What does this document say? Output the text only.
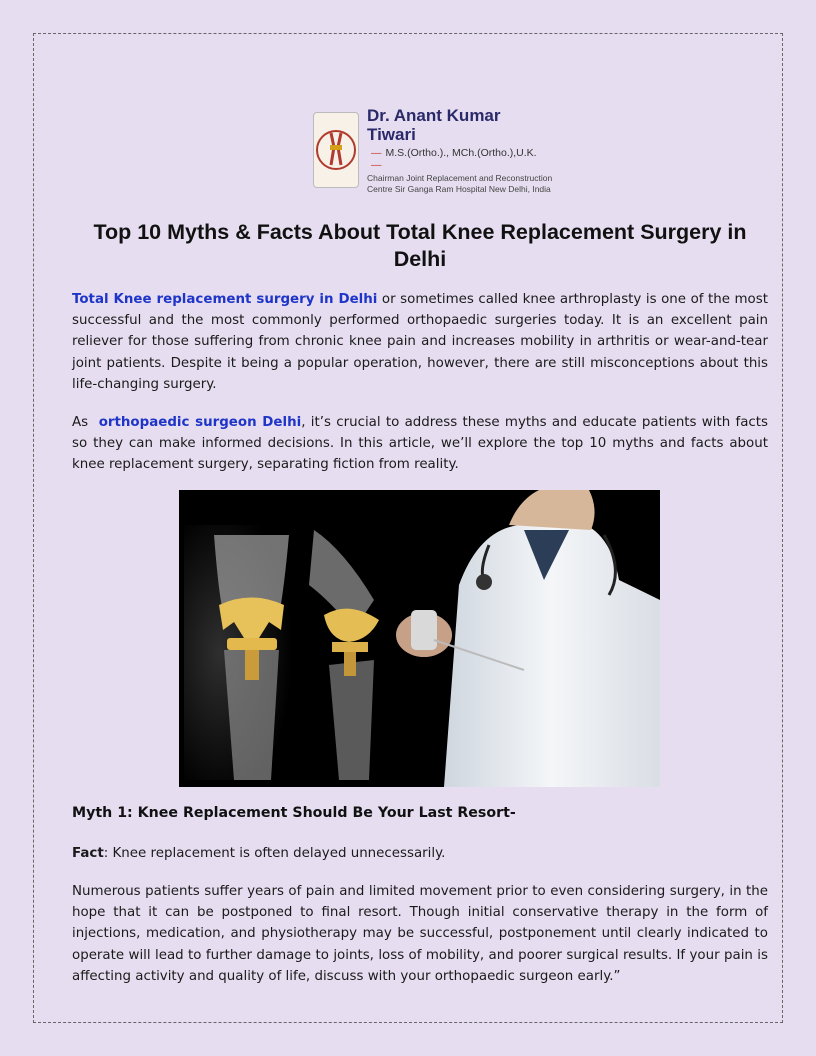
Dr. Anant Kumar Tiwari
— M.S.(Ortho.)., MCh.(Ortho.),U.K. —
Chairman Joint Replacement and Reconstruction
Centre Sir Ganga Ram Hospital New Delhi, India
Top 10 Myths & Facts About Total Knee Replacement Surgery in Delhi
Total Knee replacement surgery in Delhi or sometimes called knee arthroplasty is one of the most successful and the most commonly performed orthopaedic surgeries today. It is an excellent pain reliever for those suffering from chronic knee pain and increases mobility in arthritis or wear-and-tear joint patients. Despite it being a popular operation, however, there are still misconceptions about this life-changing surgery.
As  orthopaedic surgeon Delhi, it’s crucial to address these myths and educate patients with facts so they can make informed decisions. In this article, we’ll explore the top 10 myths and facts about knee replacement surgery, separating fiction from reality.
Myth 1: Knee Replacement Should Be Your Last Resort-
Fact: Knee replacement is often delayed unnecessarily.
Numerous patients suffer years of pain and limited movement prior to even considering surgery, in the hope that it can be postponed to final resort. Though initial conservative therapy in the form of injections, medication, and physiotherapy may be successful, postponement until clearly indicated to operate will lead to further damage to joints, loss of mobility, and poorer surgical results. If your pain is affecting activity and quality of life, discuss with your orthopaedic surgeon early.”
